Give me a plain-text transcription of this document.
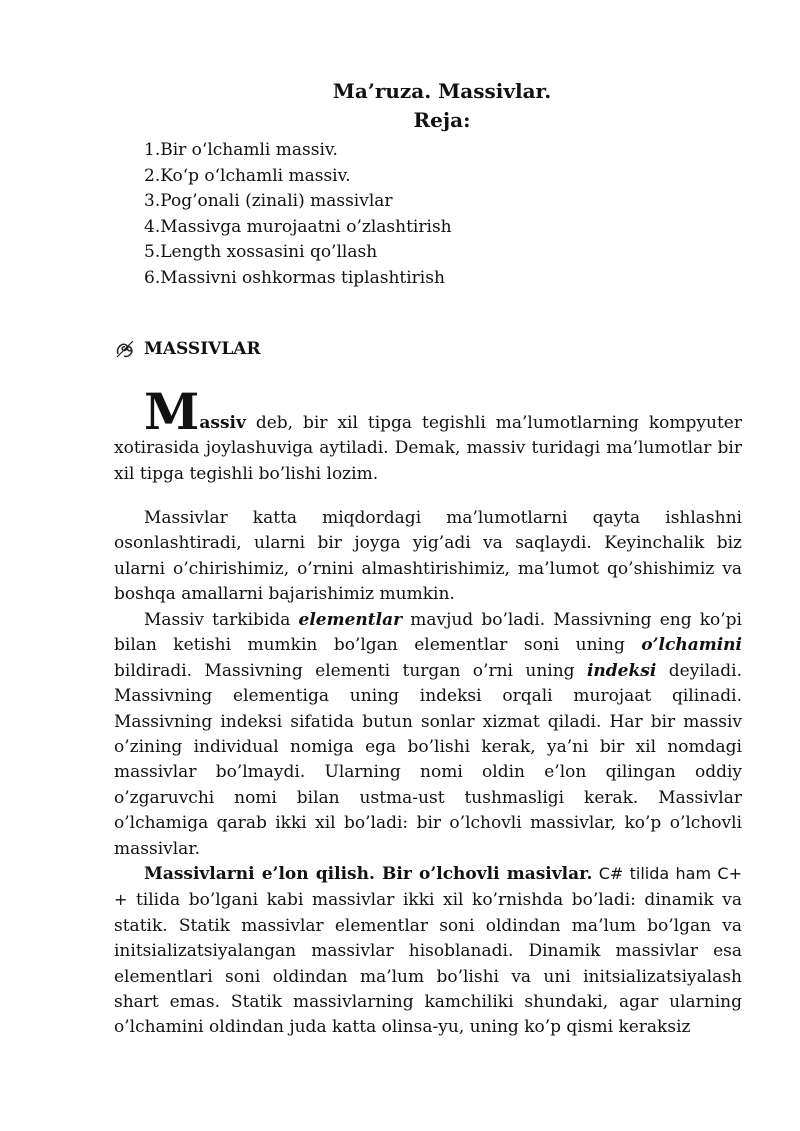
Ma’ruza. Massivlar.
Reja:
1.Bir o‘lchamli massiv.
2.Ko‘p o‘lchamli massiv.
3.Pog’onali (zinali) massivlar
4.Massivga murojaatni o’zlashtirish
5.Length xossasini qo’llash
6.Massivni oshkormas tiplashtirish
MASSIVLAR
Massiv deb, bir xil tipga tegishli ma’lumotlarning kompyuter
xotirasida joylashuviga aytiladi. Demak, massiv turidagi ma’lumotlar bir xil tipga tegishli bo’lishi lozim.
Massivlar katta miqdordagi ma’lumotlarni qayta ishlashni osonlashtiradi, ularni bir joyga yig’adi va saqlaydi. Keyinchalik biz ularni o’chirishimiz, o’rnini almashtirishimiz, ma’lumot qo’shishimiz va boshqa amallarni bajarishimiz mumkin.
Massiv tarkibida elementlar mavjud bo’ladi. Massivning eng ko’pi bilan ketishi mumkin bo’lgan elementlar soni uning o’lchamini bildiradi. Massivning elementi turgan o’rni uning indeksi deyiladi. Massivning elementiga uning indeksi orqali murojaat qilinadi. Massivning indeksi sifatida butun sonlar xizmat qiladi. Har bir massiv o’zining individual nomiga ega bo’lishi kerak, ya’ni bir xil nomdagi massivlar bo’lmaydi. Ularning nomi oldin e’lon qilingan oddiy o’zgaruvchi nomi bilan ustma-ust tushmasligi kerak. Massivlar o’lchamiga qarab ikki xil bo’ladi: bir o’lchovli massivlar, ko’p o’lchovli massivlar.
Massivlarni e’lon qilish. Bir o’lchovli masivlar. C# tilida ham C+ + tilida bo’lgani kabi massivlar ikki xil ko’rnishda bo’ladi: dinamik va statik. Statik massivlar elementlar soni oldindan ma’lum bo’lgan va initsializatsiyalangan massivlar hisoblanadi. Dinamik massivlar esa elementlari soni oldindan ma’lum bo’lishi va uni initsializatsiyalash shart emas. Statik massivlarning kamchiliki shundaki, agar ularning o’lchamini oldindan juda katta olinsa-yu, uning ko’p qismi keraksiz
